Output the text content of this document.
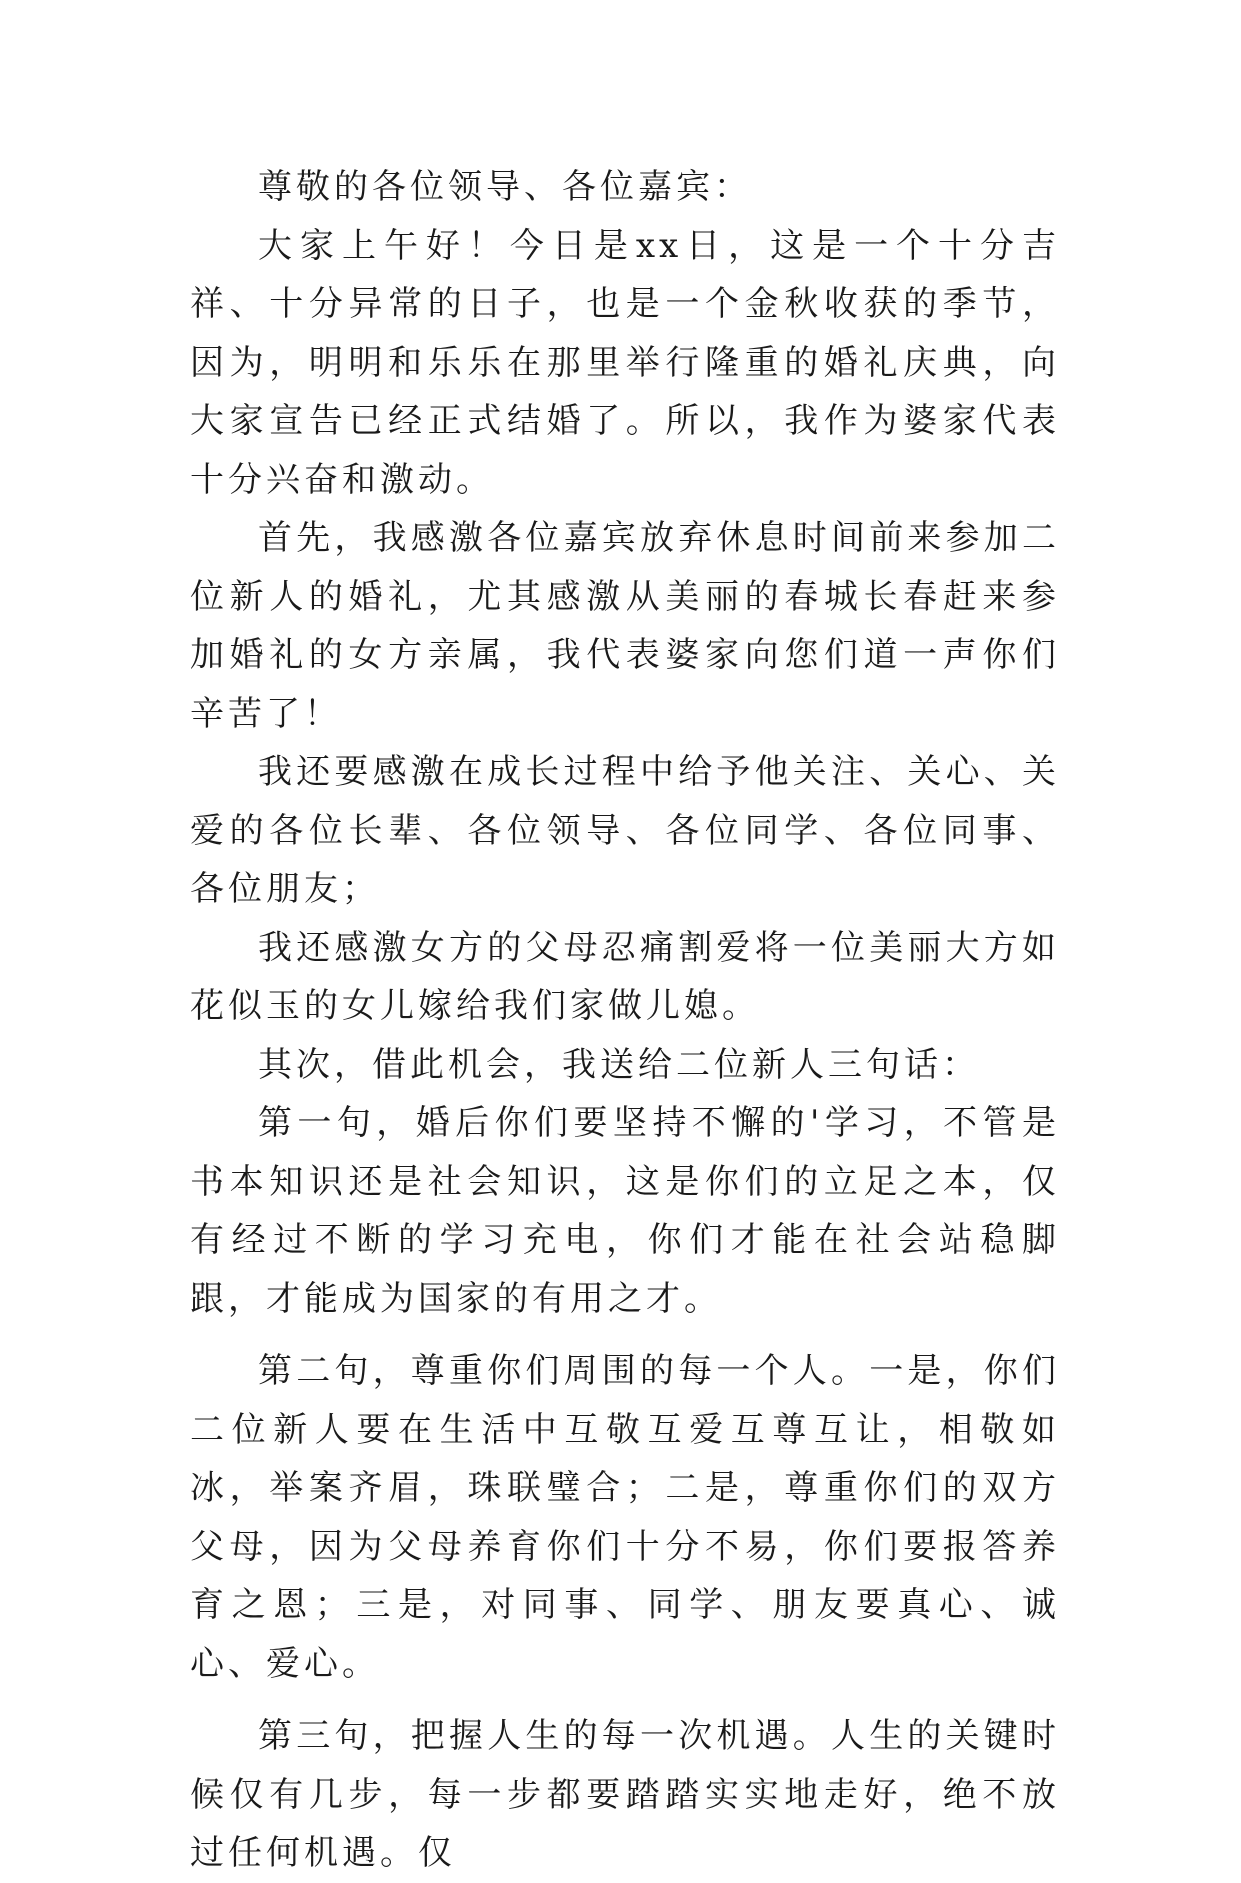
尊敬的各位领导、各位嘉宾：

大家上午好！今日是xx日，这是一个十分吉祥、十分异常的日子，也是一个金秋收获的季节，因为，明明和乐乐在那里举行隆重的婚礼庆典，向大家宣告已经正式结婚了。所以，我作为婆家代表十分兴奋和激动。

首先，我感激各位嘉宾放弃休息时间前来参加二位新人的婚礼，尤其感激从美丽的春城长春赶来参加婚礼的女方亲属，我代表婆家向您们道一声你们辛苦了！

我还要感激在成长过程中给予他关注、关心、关爱的各位长辈、各位领导、各位同学、各位同事、各位朋友；

我还感激女方的父母忍痛割爱将一位美丽大方如花似玉的女儿嫁给我们家做儿媳。

其次，借此机会，我送给二位新人三句话：

第一句，婚后你们要坚持不懈的'学习，不管是书本知识还是社会知识，这是你们的立足之本，仅有经过不断的学习充电，你们才能在社会站稳脚跟，才能成为国家的有用之才。

第二句，尊重你们周围的每一个人。一是，你们二位新人要在生活中互敬互爱互尊互让，相敬如冰，举案齐眉，珠联璧合；二是，尊重你们的双方父母，因为父母养育你们十分不易，你们要报答养育之恩；三是，对同事、同学、朋友要真心、诚心、爱心。

第三句，把握人生的每一次机遇。人生的关键时候仅有几步，每一步都要踏踏实实地走好，绝不放过任何机遇。仅
